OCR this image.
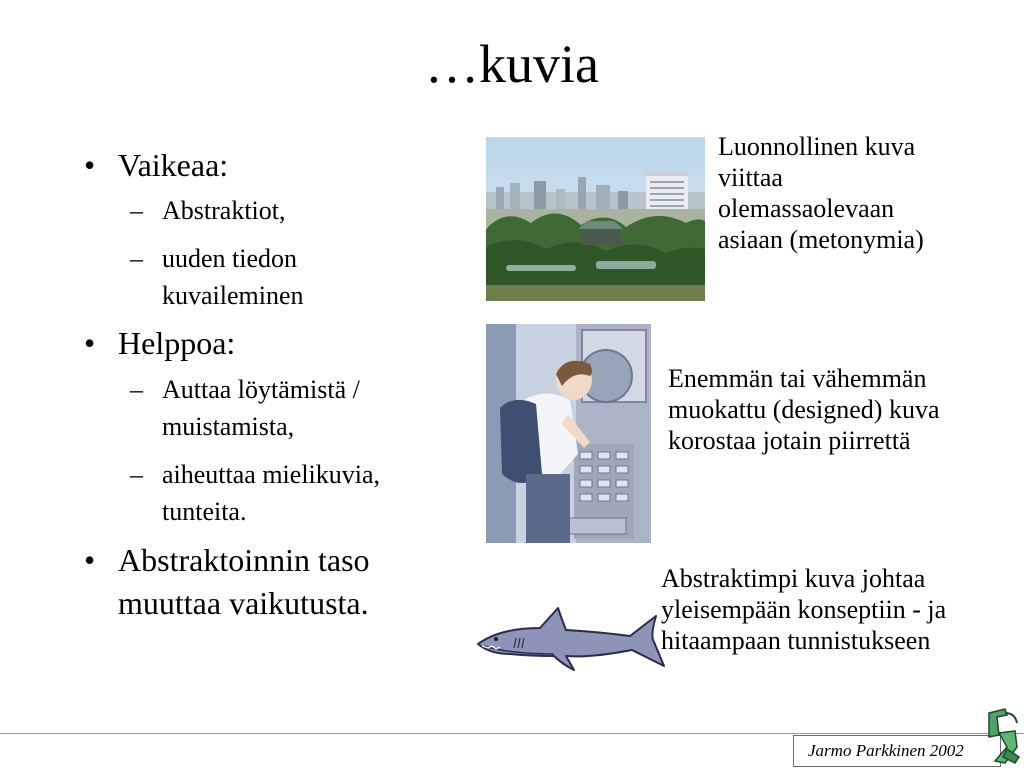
…kuvia
• Vaikeaa:
– Abstraktiot,
– uuden tiedon kuvaileminen
• Helppoa:
– Auttaa löytämistä / muistamista,
– aiheuttaa mielikuvia, tunteita.
• Abstraktoinnin taso muuttaa vaikutusta.
Luonnollinen kuva viittaa olemassaolevaan asiaan (metonymia)
Enemmän tai vähemmän muokattu (designed) kuva korostaa jotain piirrettä
Abstraktimpi kuva johtaa yleisempään konseptiin - ja hitaampaan tunnistukseen
Jarmo Parkkinen 2002
